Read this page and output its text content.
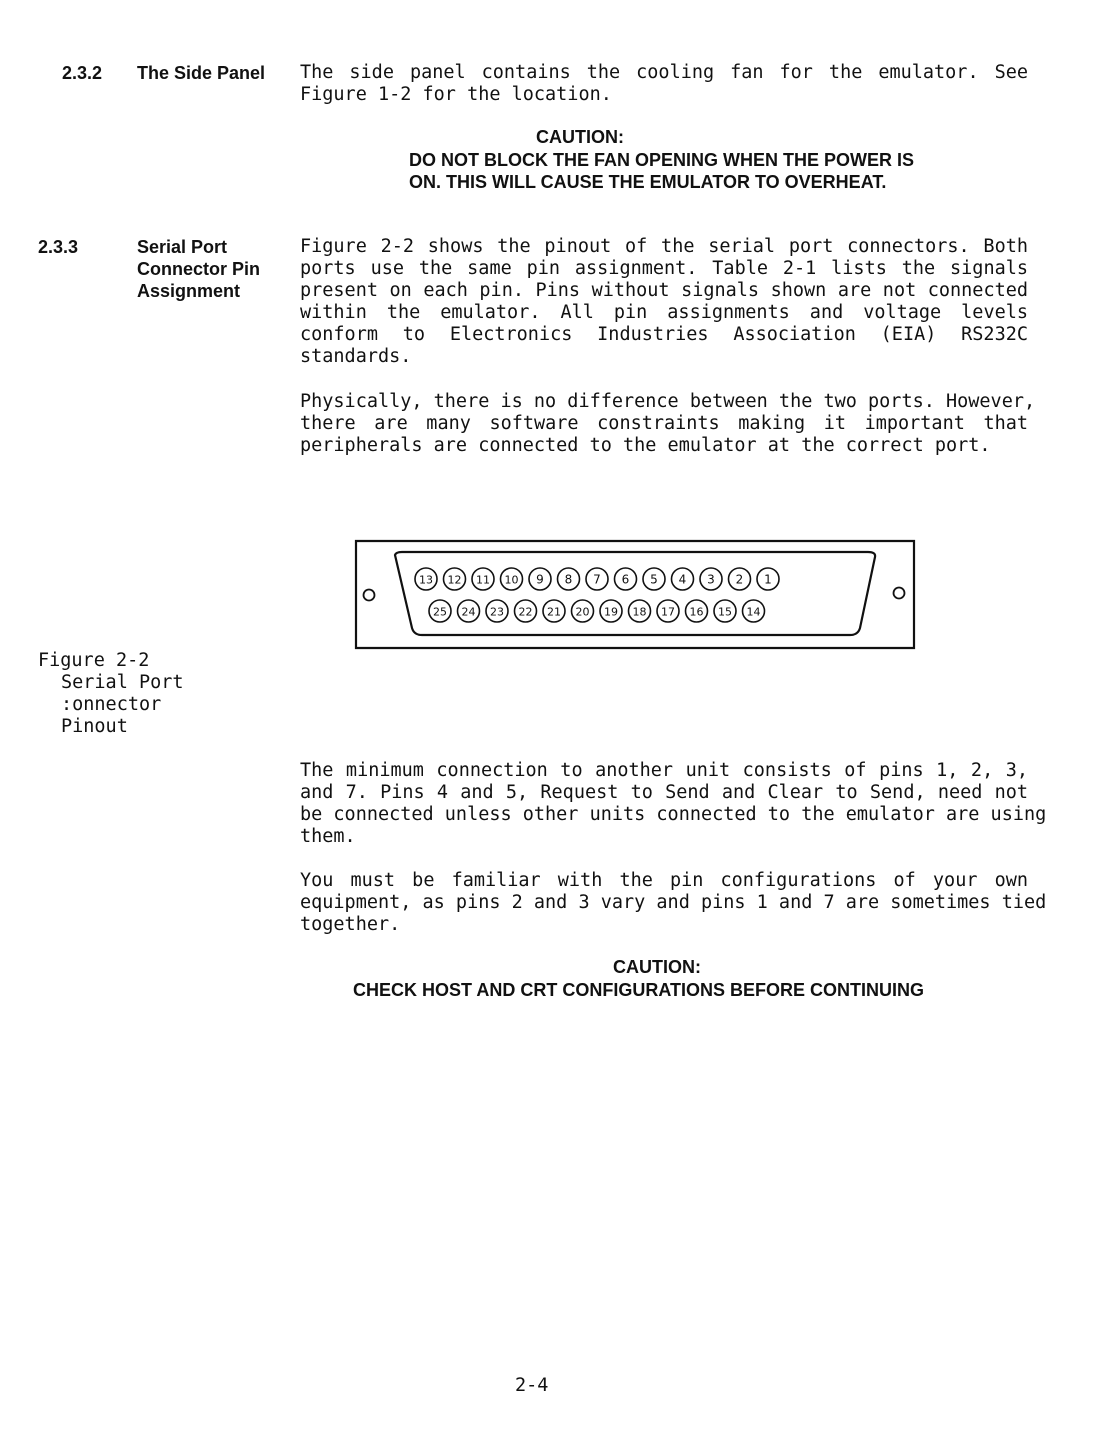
2.3.2 The Side Panel The side panel contains the cooling fan for the emulator. See
Figure 1-2 for the location.
CAUTION:
DO NOT BLOCK THE FAN OPENING WHEN THE POWER IS
ON. THIS WILL CAUSE THE EMULATOR TO OVERHEAT.
2.3.3	Serial Port
Connector Pin
Assignment
Figure 2-2 shows the pinout of the serial port connectors. Both
ports use the same pin assignment. Table 2-1 lists the signals
present on each pin. Pins without signals shown are not connected
within the emulator. All pin assignments and voltage levels
conform to Electronics Industries Association (EIA) RS232C
standards.
Physically, there is no difference between the two ports. However,
there are many software constraints making it important that
peripherals are connected to the emulator at the correct port.
13 12 11 10 9 8 7 6 5 4 3 2 1
25 24 23 22 21 20 19 18 17 16 15 14
Figure 2-2
Serial Port
:onnector
Pinout
The minimum connection to another unit consists of pins 1, 2, 3,
and 7. Pins 4 and 5, Request to Send and Clear to Send, need not
be connected unless other units connected to the emulator are using
them.
You must be familiar with the pin configurations of your own
equipment, as pins 2 and 3 vary and pins 1 and 7 are sometimes tied
together.
CAUTION:
CHECK HOST AND CRT CONFIGURATIONS BEFORE CONTINUING
2-4
